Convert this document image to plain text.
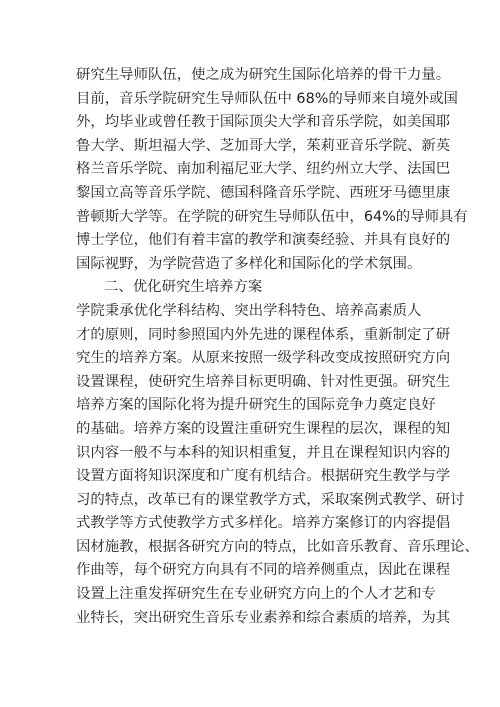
研究生导师队伍，使之成为研究生国际化培养的骨干力量。
目前，音乐学院研究生导师队伍中 68%的导师来自境外或国
外，均毕业或曾任教于国际顶尖大学和音乐学院，如美国耶
鲁大学、斯坦福大学、芝加哥大学，茱莉亚音乐学院、新英
格兰音乐学院、南加利福尼亚大学、纽约州立大学、法国巴
黎国立高等音乐学院、德国科隆音乐学院、西班牙马德里康
普顿斯大学等。在学院的研究生导师队伍中，64%的导师具有
博士学位，他们有着丰富的教学和演奏经验、并具有良好的
国际视野，为学院营造了多样化和国际化的学术氛围。
二、优化研究生培养方案
学院秉承优化学科结构、突出学科特色、培养高素质人
才的原则，同时参照国内外先进的课程体系，重新制定了研
究生的培养方案。从原来按照一级学科改变成按照研究方向
设置课程，使研究生培养目标更明确、针对性更强。研究生
培养方案的国际化将为提升研究生的国际竞争力奠定良好
的基础。培养方案的设置注重研究生课程的层次，课程的知
识内容一般不与本科的知识相重复，并且在课程知识内容的
设置方面将知识深度和广度有机结合。根据研究生教学与学
习的特点，改革已有的课堂教学方式，采取案例式教学、研讨
式教学等方式使教学方式多样化。培养方案修订的内容提倡
因材施教，根据各研究方向的特点，比如音乐教育、音乐理论、
作曲等，每个研究方向具有不同的培养侧重点，因此在课程
设置上注重发挥研究生在专业研究方向上的个人才艺和专
业特长，突出研究生音乐专业素养和综合素质的培养，为其
